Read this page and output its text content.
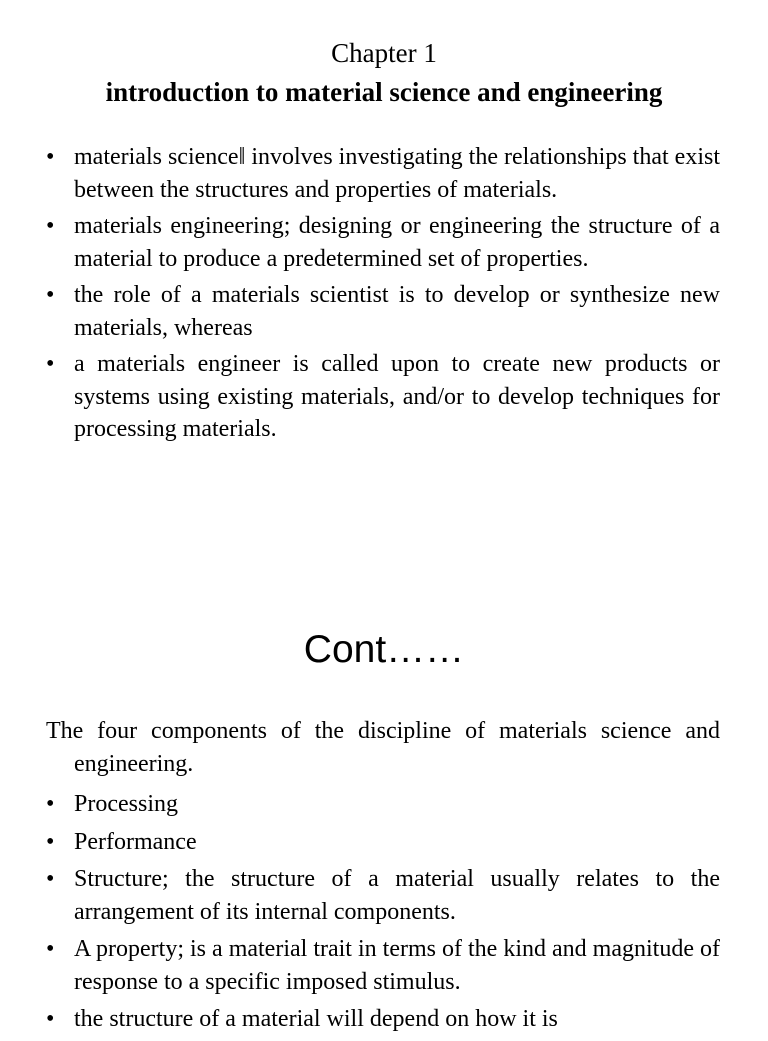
Chapter 1
introduction to material science and engineering
• materials science‖ involves investigating the relationships that exist between the structures and properties of materials.
• materials engineering; designing or engineering the structure of a material to produce a predetermined set of properties.
• the role of a materials scientist is to develop or synthesize new materials, whereas
• a materials engineer is called upon to create new products or systems using existing materials, and/or to develop techniques for processing materials.
Cont……

The four components of the discipline of materials science and engineering.

• Processing
• Performance
• Structure; the structure of a material usually relates to the arrangement of its internal components.
• A property; is a material trait in terms of the kind and magnitude of response to a specific imposed stimulus.
• the structure of a material will depend on how it is
